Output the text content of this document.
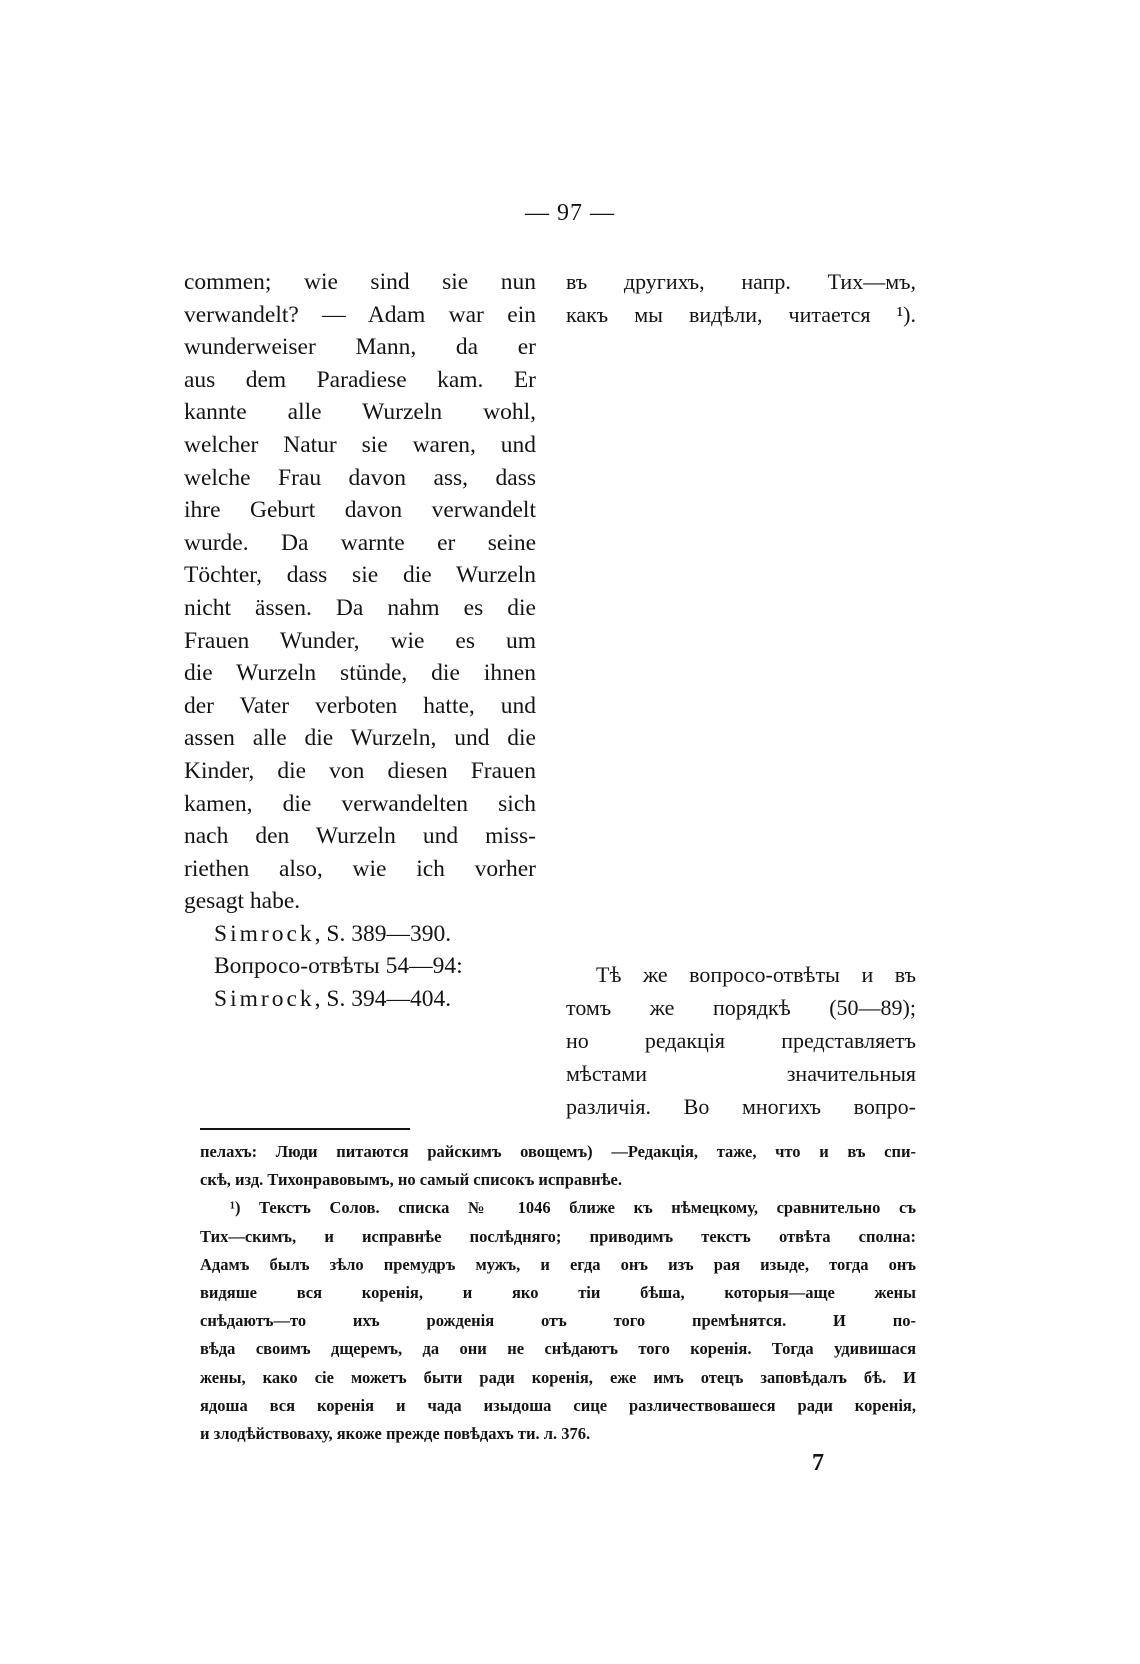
— 97 —
commen; wie sind sie nun
verwandelt? — Adam war ein
wunderweiser Mann, da er
aus dem Paradiese kam. Er
kannte alle Wurzeln wohl,
welcher Natur sie waren, und
welche Frau davon ass, dass
ihre Geburt davon verwandelt
wurde. Da warnte er seine
Töchter, dass sie die Wurzeln
nicht ässen. Da nahm es die
Frauen Wunder, wie es um
die Wurzeln stünde, die ihnen
der Vater verboten hatte, und
assen alle die Wurzeln, und die
Kinder, die von diesen Frauen
kamen, die verwandelten sich
nach den Wurzeln und miss-
riethen also, wie ich vorher
gesagt habe.
Simrock, S. 389—390.
Вопросо-отвѣты 54—94:
Simrock, S. 394—404.
въ другихъ, напр. Тих—мъ,
какъ мы видѣли, читается ¹).
Тѣ же вопросо-отвѣты и въ
томъ же порядкѣ (50—89);
но редакція представляетъ
мѣстами значительныя
различія. Во многихъ вопро-
пелахъ: Люди питаются райскимъ овощемъ) —Редакція, таже, что и въ спи-
скѣ, изд. Тихонравовымъ, но самый списокъ исправнѣе.
¹) Текстъ Солов. списка № 1046 ближе къ нѣмецкому, сравнительно съ
Тих—скимъ, и исправнѣе послѣдняго; приводимъ текстъ отвѣта сполна:
Адамъ былъ зѣло премудръ мужъ, и егда онъ изъ рая изыде, тогда онъ
видяше вся коренія, и яко тіи бѣша, которыя—аще жены
снѣдаютъ—то ихъ рожденія отъ того премѣнятся. И по-
вѣда своимъ дщеремъ, да они не снѣдаютъ того коренія. Тогда удивишася
жены, како сіе можетъ быти ради коренія, еже имъ отецъ заповѣдалъ бѣ. И
ядоша вся коренія и чада изыдоша сице различествовашеся ради коренія,
и злодѣйствоваху, якоже прежде повѣдахъ ти. л. 376.
7
